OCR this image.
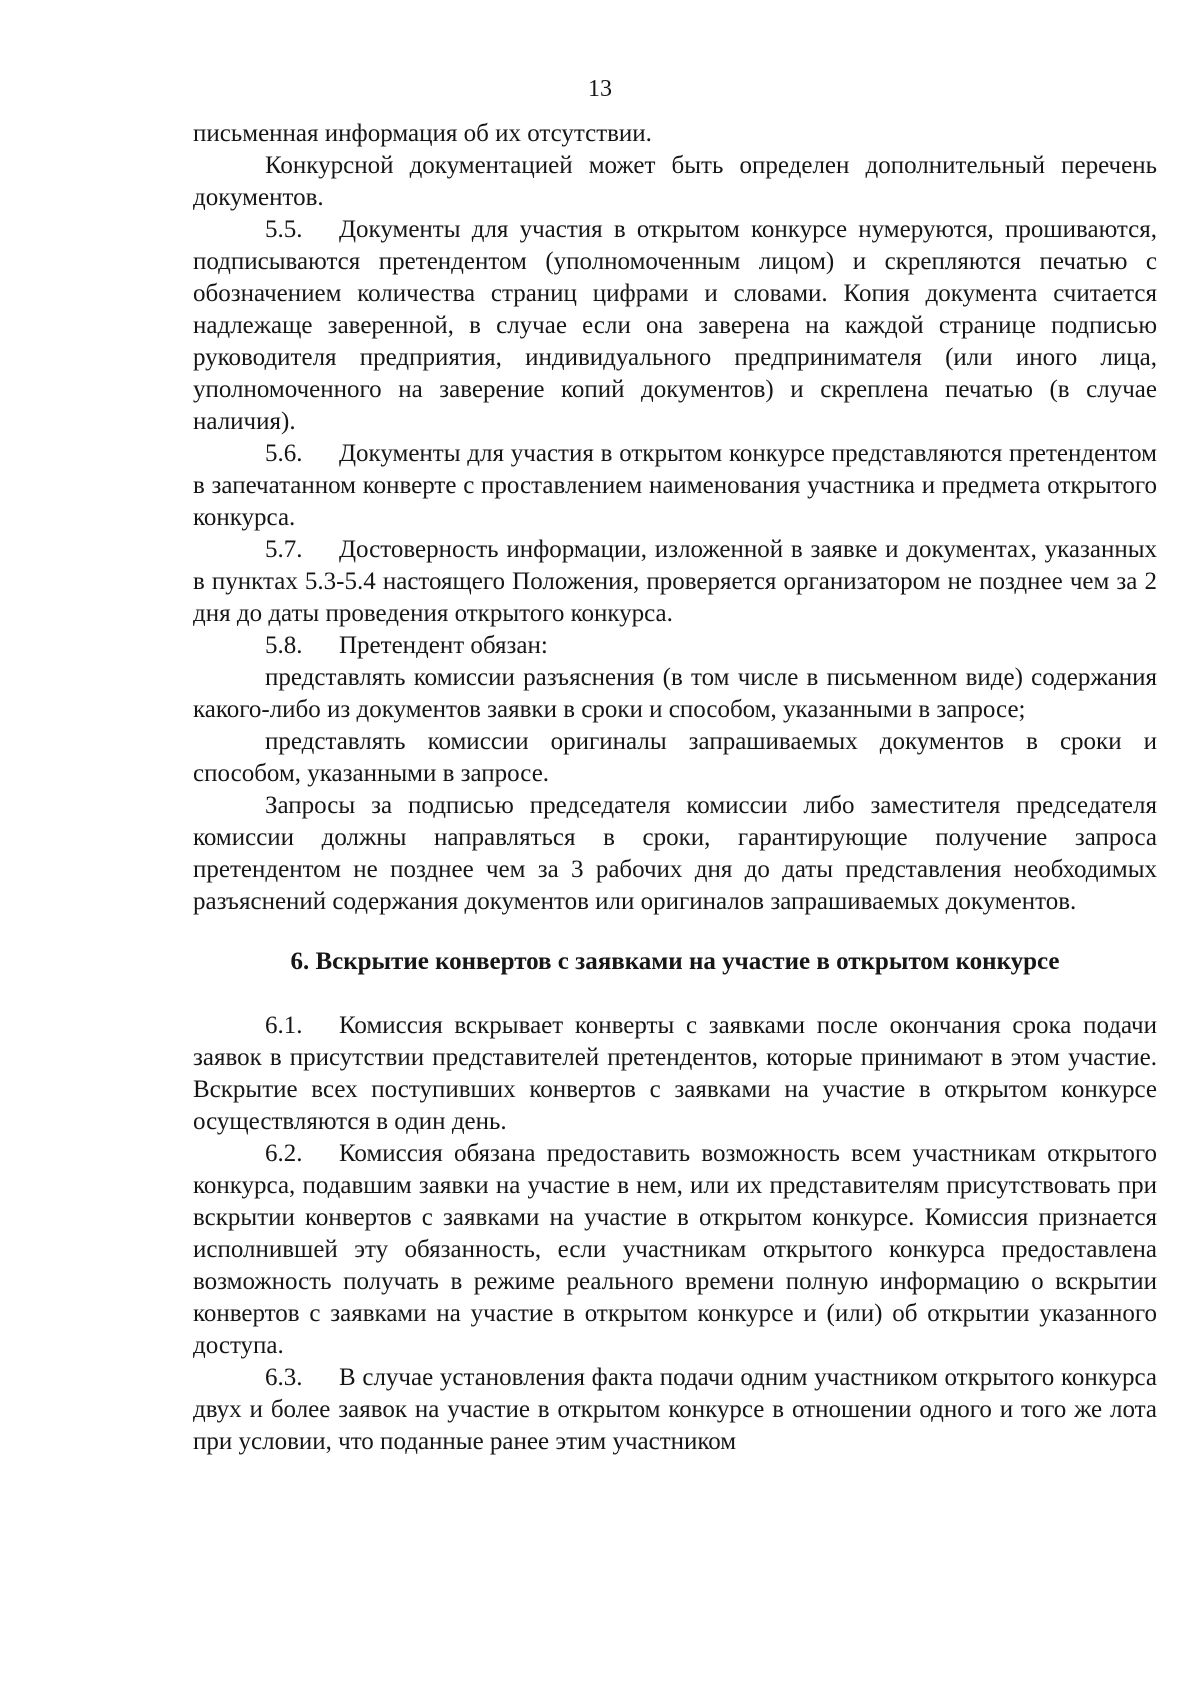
13

письменная информация об их отсутствии.

Конкурсной документацией может быть определен дополнительный перечень документов.

5.5. Документы для участия в открытом конкурсе нумеруются, прошиваются, подписываются претендентом (уполномоченным лицом) и скрепляются печатью с обозначением количества страниц цифрами и словами. Копия документа считается надлежаще заверенной, в случае если она заверена на каждой странице подписью руководителя предприятия, индивидуального предпринимателя (или иного лица, уполномоченного на заверение копий документов) и скреплена печатью (в случае наличия).

5.6. Документы для участия в открытом конкурсе представляются претендентом в запечатанном конверте с проставлением наименования участника и предмета открытого конкурса.

5.7. Достоверность информации, изложенной в заявке и документах, указанных в пунктах 5.3-5.4 настоящего Положения, проверяется организатором не позднее чем за 2 дня до даты проведения открытого конкурса.

5.8. Претендент обязан:

представлять комиссии разъяснения (в том числе в письменном виде) содержания какого-либо из документов заявки в сроки и способом, указанными в запросе;

представлять комиссии оригиналы запрашиваемых документов в сроки и способом, указанными в запросе.

Запросы за подписью председателя комиссии либо заместителя председателя комиссии должны направляться в сроки, гарантирующие получение запроса претендентом не позднее чем за 3 рабочих дня до даты представления необходимых разъяснений содержания документов или оригиналов запрашиваемых документов.

6. Вскрытие конвертов с заявками на участие в открытом конкурсе

6.1. Комиссия вскрывает конверты с заявками после окончания срока подачи заявок в присутствии представителей претендентов, которые принимают в этом участие. Вскрытие всех поступивших конвертов с заявками на участие в открытом конкурсе осуществляются в один день.

6.2. Комиссия обязана предоставить возможность всем участникам открытого конкурса, подавшим заявки на участие в нем, или их представителям присутствовать при вскрытии конвертов с заявками на участие в открытом конкурсе. Комиссия признается исполнившей эту обязанность, если участникам открытого конкурса предоставлена возможность получать в режиме реального времени полную информацию о вскрытии конвертов с заявками на участие в открытом конкурсе и (или) об открытии указанного доступа.

6.3. В случае установления факта подачи одним участником открытого конкурса двух и более заявок на участие в открытом конкурсе в отношении одного и того же лота при условии, что поданные ранее этим участником
